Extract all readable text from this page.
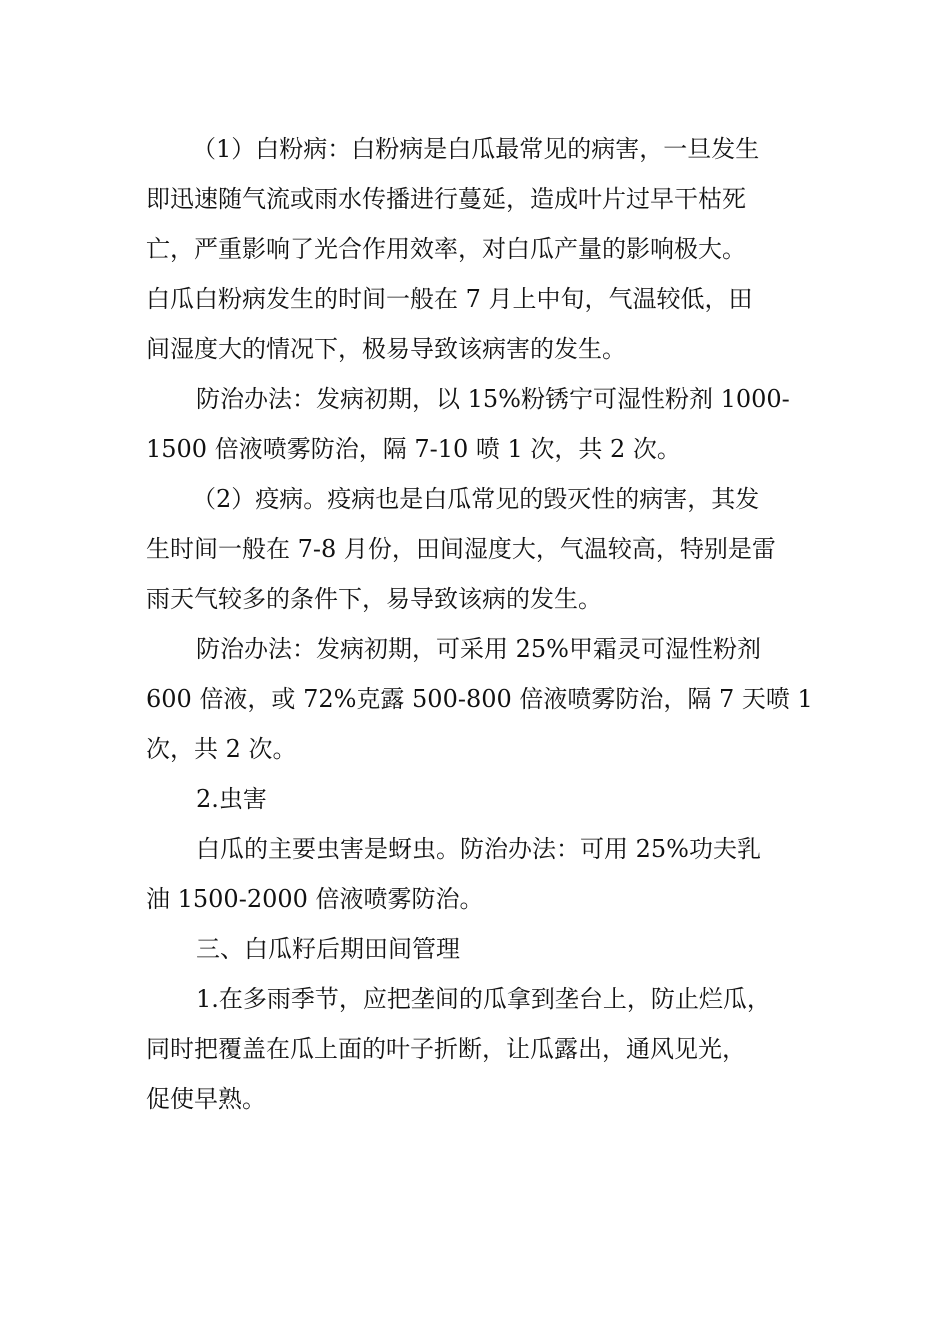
（1）白粉病：白粉病是白瓜最常见的病害，一旦发生
即迅速随气流或雨水传播进行蔓延，造成叶片过早干枯死
亡，严重影响了光合作用效率，对白瓜产量的影响极大。
白瓜白粉病发生的时间一般在 7 月上中旬，气温较低，田
间湿度大的情况下，极易导致该病害的发生。
防治办法：发病初期，以 15%粉锈宁可湿性粉剂 1000-
1500 倍液喷雾防治，隔 7-10 喷 1 次，共 2 次。
（2）疫病。疫病也是白瓜常见的毁灭性的病害，其发
生时间一般在 7-8 月份，田间湿度大，气温较高，特别是雷
雨天气较多的条件下，易导致该病的发生。
防治办法：发病初期，可采用 25%甲霜灵可湿性粉剂
600 倍液，或 72%克露 500-800 倍液喷雾防治，隔 7 天喷 1
次，共 2 次。
2.虫害
白瓜的主要虫害是蚜虫。防治办法：可用 25%功夫乳
油 1500-2000 倍液喷雾防治。
三、白瓜籽后期田间管理
1.在多雨季节，应把垄间的瓜拿到垄台上，防止烂瓜，
同时把覆盖在瓜上面的叶子折断，让瓜露出，通风见光，
促使早熟。
